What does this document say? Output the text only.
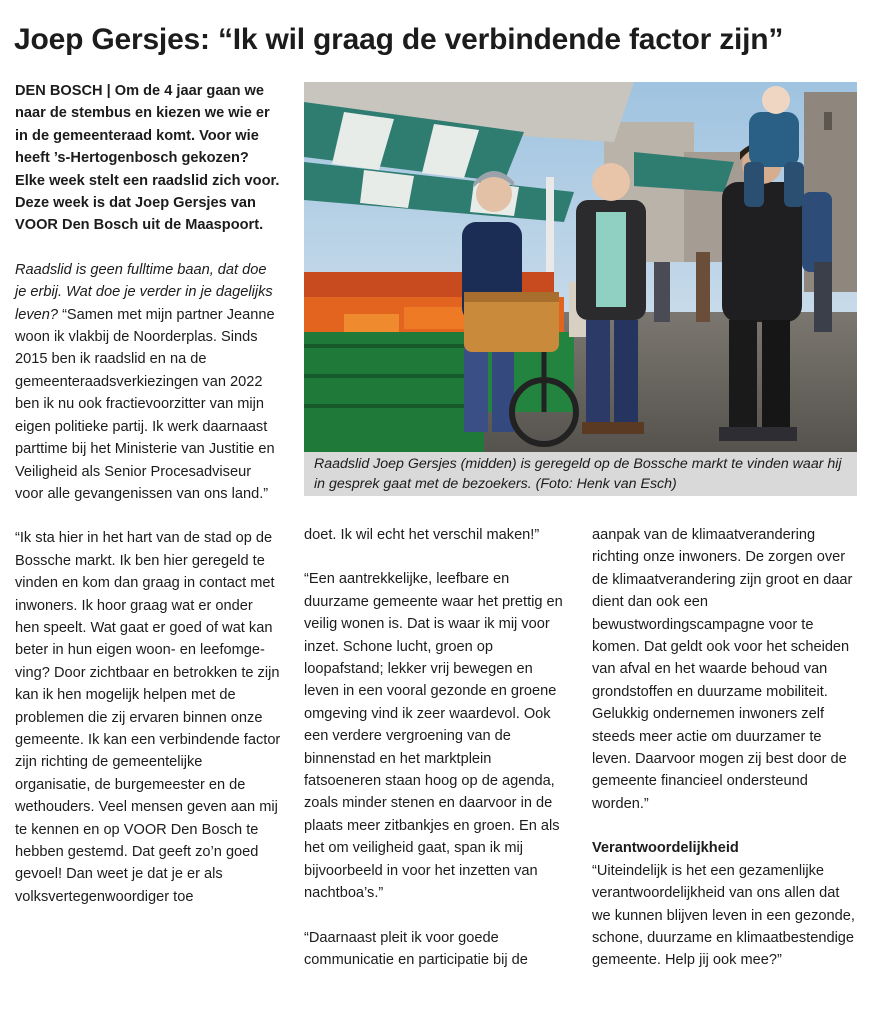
Joep Gersjes: “Ik wil graag de verbindende factor zijn”

DEN BOSCH | Om de 4 jaar gaan we naar de stembus en kiezen we wie er in de gemeenteraad komt. Voor wie heeft ’s-Hertogenbosch gekozen? Elke week stelt een raadslid zich voor. Deze week is dat Joep Gersjes van VOOR Den Bosch uit de Maaspoort.

Raadslid is geen fulltime baan, dat doe je erbij. Wat doe je verder in je dagelijks leven? “Samen met mijn partner Jeanne woon ik vlakbij de Noorderplas. Sinds 2015 ben ik raadslid en na de gemeenteraadsverkiezingen van 2022 ben ik nu ook fractievoorzitter van mijn eigen politieke partij. Ik werk daarnaast parttime bij het Ministerie van Justitie en Veiligheid als Senior Procesadviseur voor alle gevangenissen van ons land.”

“Ik sta hier in het hart van de stad op de Bossche markt. Ik ben hier geregeld te vinden en kom dan graag in contact met inwoners. Ik hoor graag wat er onder hen speelt. Wat gaat er goed of wat kan beter in hun eigen woon- en leefomgeving? Door zichtbaar en betrokken te zijn kan ik hen mogelijk helpen met de problemen die zij ervaren binnen onze gemeente. Ik kan een verbindende factor zijn richting de gemeentelijke organisatie, de burgemeester en de wethouders. Veel mensen geven aan mij te kennen en op VOOR Den Bosch te hebben gestemd. Dat geeft zo’n goed gevoel! Dan weet je dat je er als volksvertegenwoordiger toe

Raadslid Joep Gersjes (midden) is geregeld op de Bossche markt te vinden waar hij in gesprek gaat met de bezoekers. (Foto: Henk van Esch)

doet. Ik wil echt het verschil maken!”

“Een aantrekkelijke, leefbare en duurzame gemeente waar het prettig en veilig wonen is. Dat is waar ik mij voor inzet. Schone lucht, groen op loopafstand; lekker vrij bewegen en leven in een vooral gezonde en groene omgeving vind ik zeer waardevol. Ook een verdere vergroening van de binnenstad en het marktplein fatsoeneren staan hoog op de agenda, zoals minder stenen en daarvoor in de plaats meer zitbankjes en groen. En als het om veiligheid gaat, span ik mij bijvoorbeeld in voor het inzetten van nachtboa’s.”

“Daarnaast pleit ik voor goede communicatie en participatie bij de

aanpak van de klimaatverandering richting onze inwoners. De zorgen over de klimaatverandering zijn groot en daar dient dan ook een bewustwordingscampagne voor te komen. Dat geldt ook voor het scheiden van afval en het waarde behoud van grondstoffen en duurzame mobiliteit. Gelukkig ondernemen inwoners zelf steeds meer actie om duurzamer te leven. Daarvoor mogen zij best door de gemeente financieel ondersteund worden.”

Verantwoordelijkheid
“Uiteindelijk is het een gezamenlijke verantwoordelijkheid van ons allen dat we kunnen blijven leven in een gezonde, schone, duurzame en klimaatbestendige gemeente. Help jij ook mee?”
